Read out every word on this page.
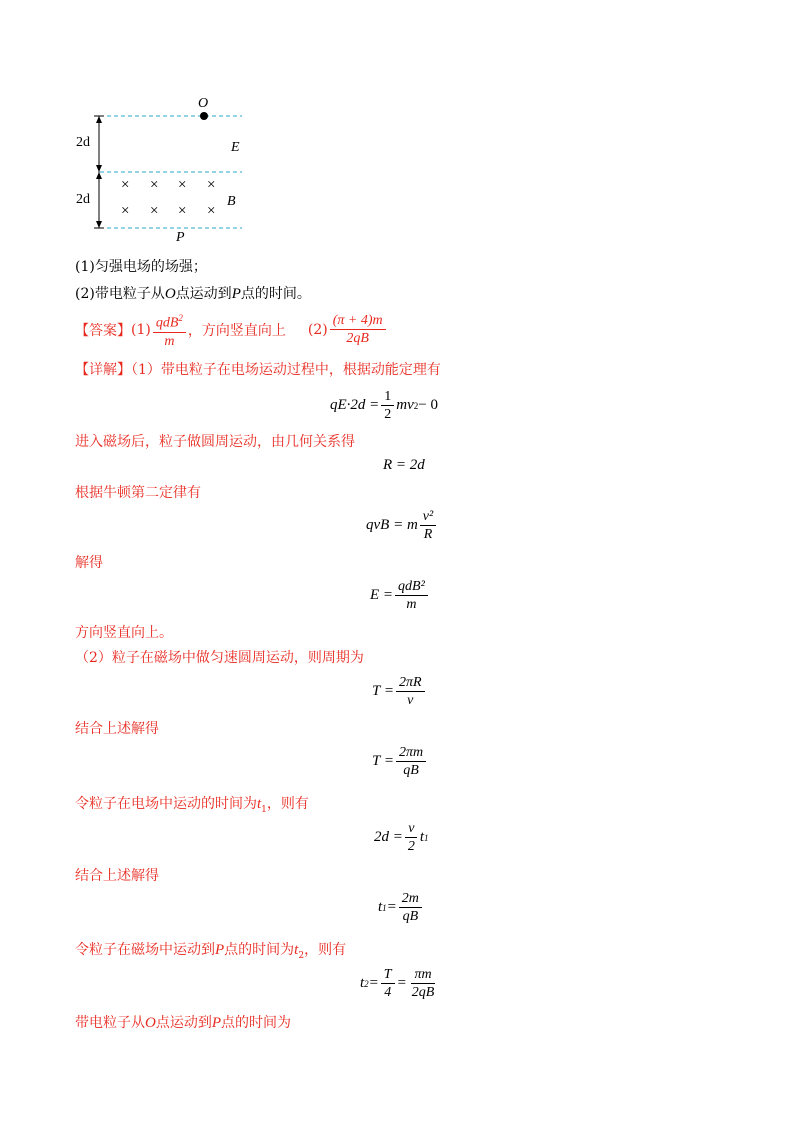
O
E
B
P
2d
2d
× × × ×
× × × ×
(1)匀强电场的场强；
(2)带电粒子从O点运动到P点的时间。
【答案】 $(1) \frac{qdB^2}{m}$ ，方向竖直向上 $(2) \frac{(\pi + 4)m}{2qB}$
【详解】（1）带电粒子在电场运动过程中，根据动能定理有
$qE\cdot 2d = \frac{1}{2}$ mv 2 − 0
进入磁场后，粒子做圆周运动，由几何关系得
R = 2d
根据牛顿第二定律有
qvB = m $\frac{\text{v²}}{R}$
解得
$E = \frac{\text{qdB²}}{m}$
方向竖直向上。
（2）粒子在磁场中做匀速圆周运动，则周期为
$T = \frac{2\pi R}{v}$
结合上述解得
$T = \frac{2\pi m}{qB}$
令粒子在电场中运动的时间为$t_1$，则有
$2d = \frac{v}{2}$ t 1
结合上述解得
t $1 = \frac{2m}{qB}$
令粒子在磁场中运动到P点的时间为$t_2$，则有
t $2 = \frac{T}{4} = \frac{\pi m}{2qB}$
带电粒子从O点运动到P点的时间为
